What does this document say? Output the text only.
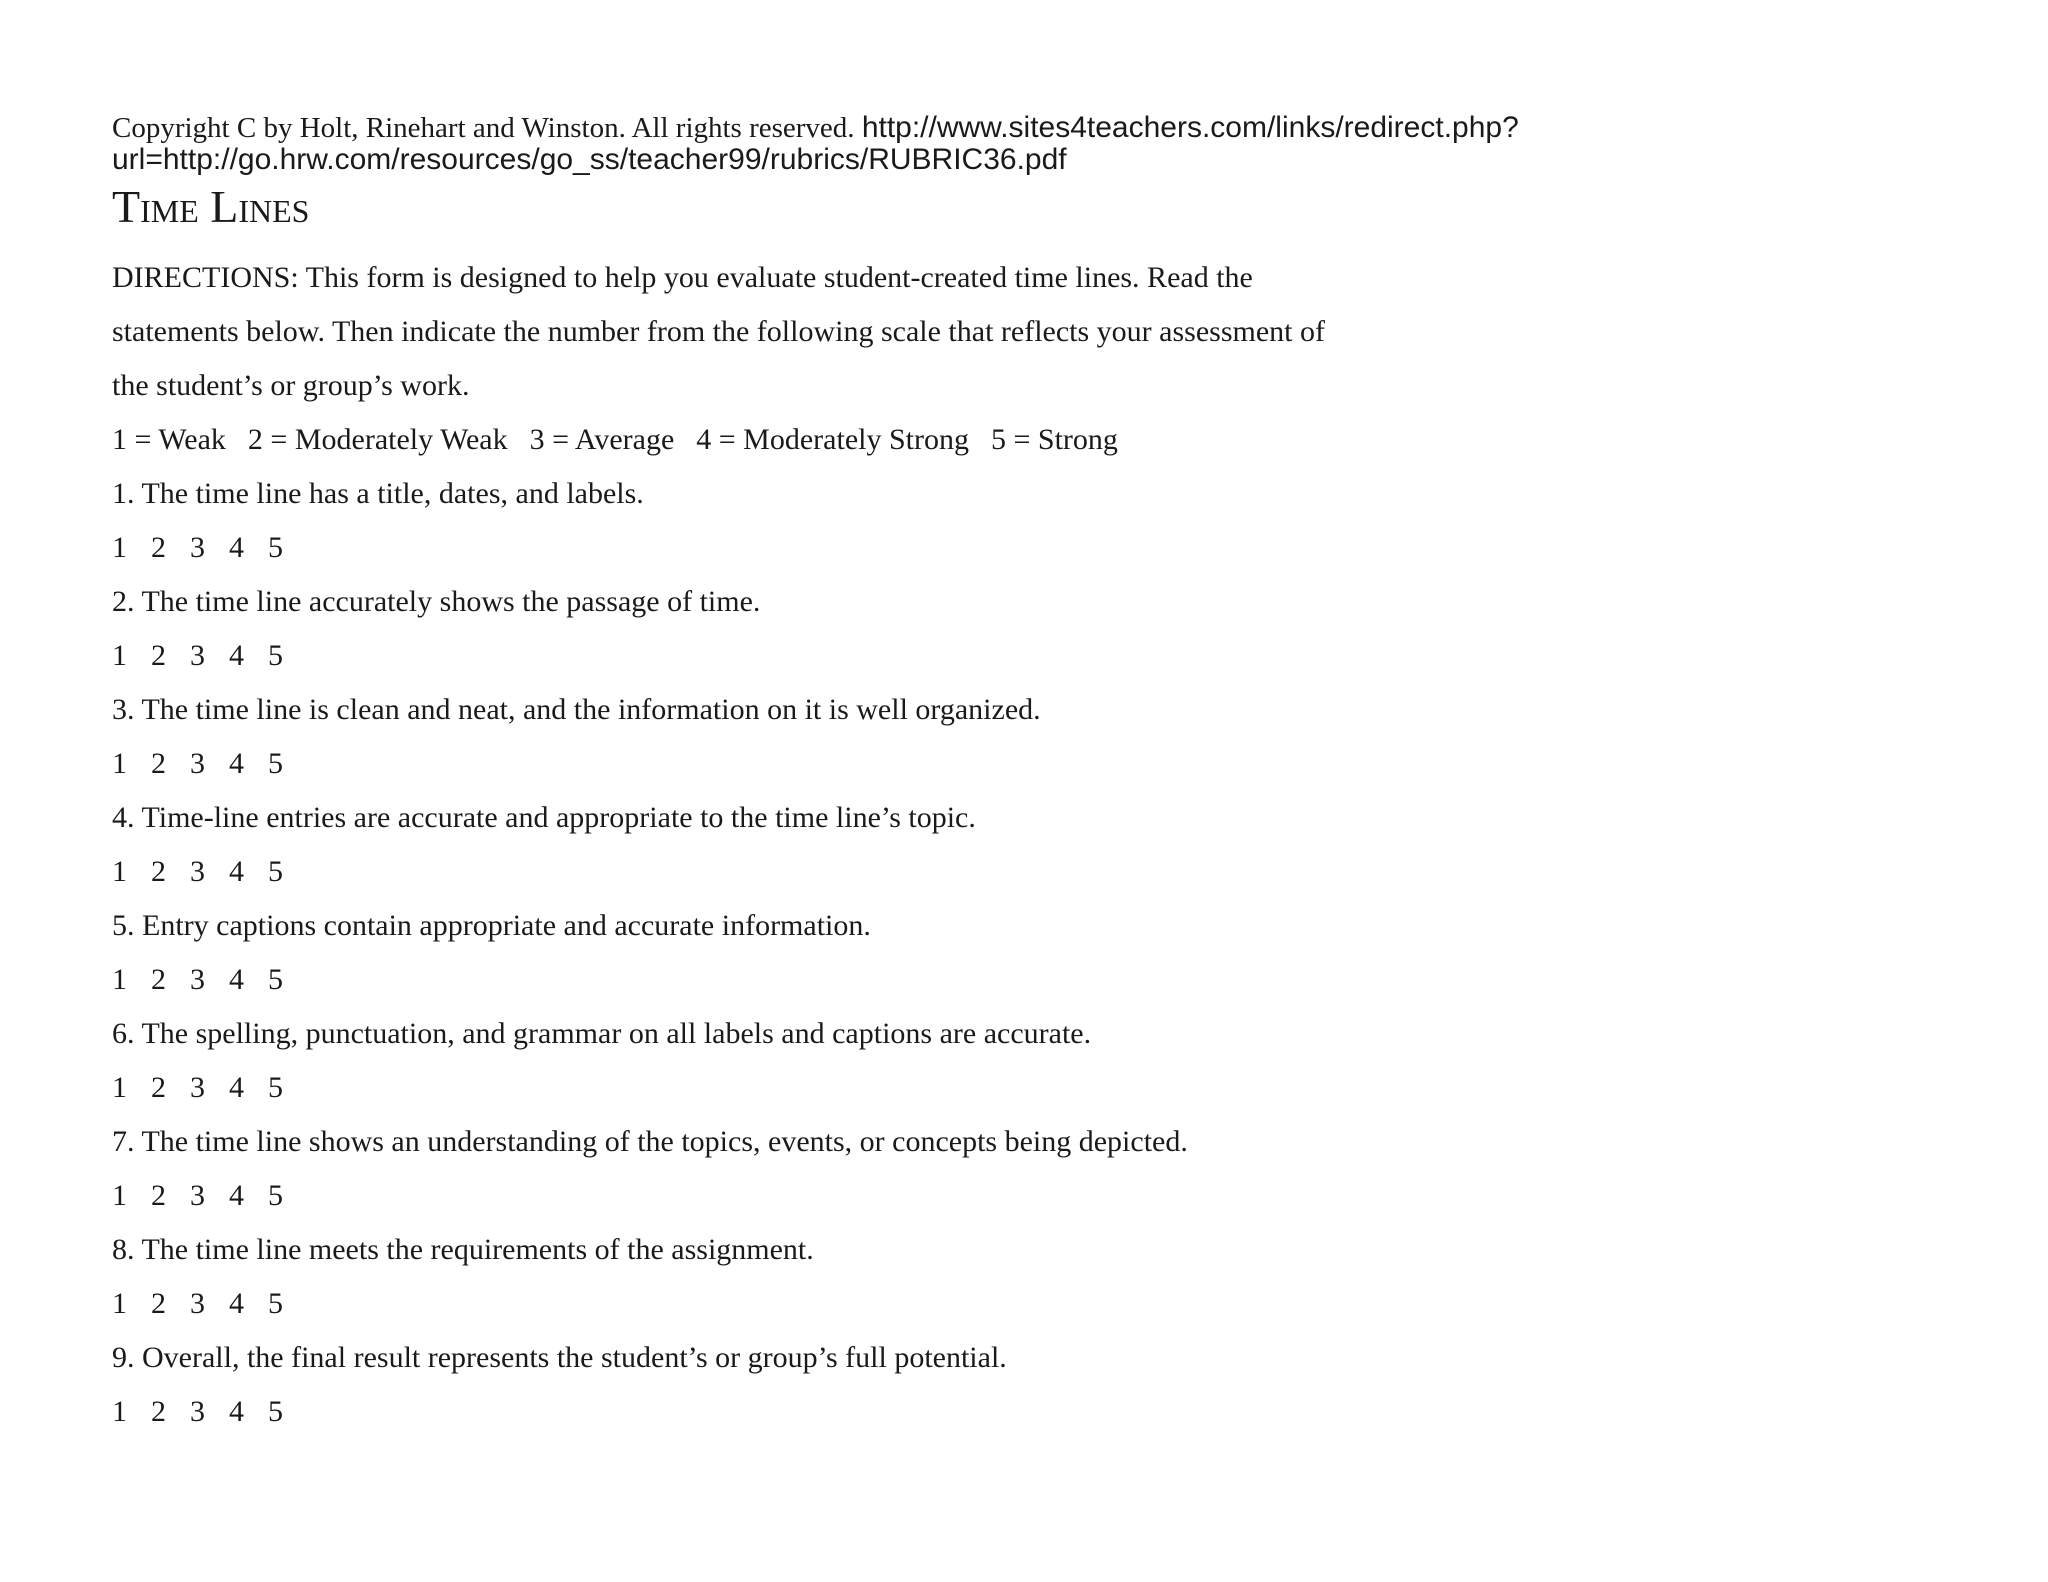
Copyright C by Holt, Rinehart and Winston. All rights reserved. http://www.sites4teachers.com/links/redirect.php?
url=http://go.hrw.com/resources/go_ss/teacher99/rubrics/RUBRIC36.pdf
Time Lines
DIRECTIONS: This form is designed to help you evaluate student-created time lines. Read the
statements below. Then indicate the number from the following scale that reflects your assessment of
the student’s or group’s work.
1 = Weak 2 = Moderately Weak 3 = Average 4 = Moderately Strong 5 = Strong
1. The time line has a title, dates, and labels.
1 2 3 4 5
2. The time line accurately shows the passage of time.
1 2 3 4 5
3. The time line is clean and neat, and the information on it is well organized.
1 2 3 4 5
4. Time-line entries are accurate and appropriate to the time line’s topic.
1 2 3 4 5
5. Entry captions contain appropriate and accurate information.
1 2 3 4 5
6. The spelling, punctuation, and grammar on all labels and captions are accurate.
1 2 3 4 5
7. The time line shows an understanding of the topics, events, or concepts being depicted.
1 2 3 4 5
8. The time line meets the requirements of the assignment.
1 2 3 4 5
9. Overall, the final result represents the student’s or group’s full potential.
1 2 3 4 5
